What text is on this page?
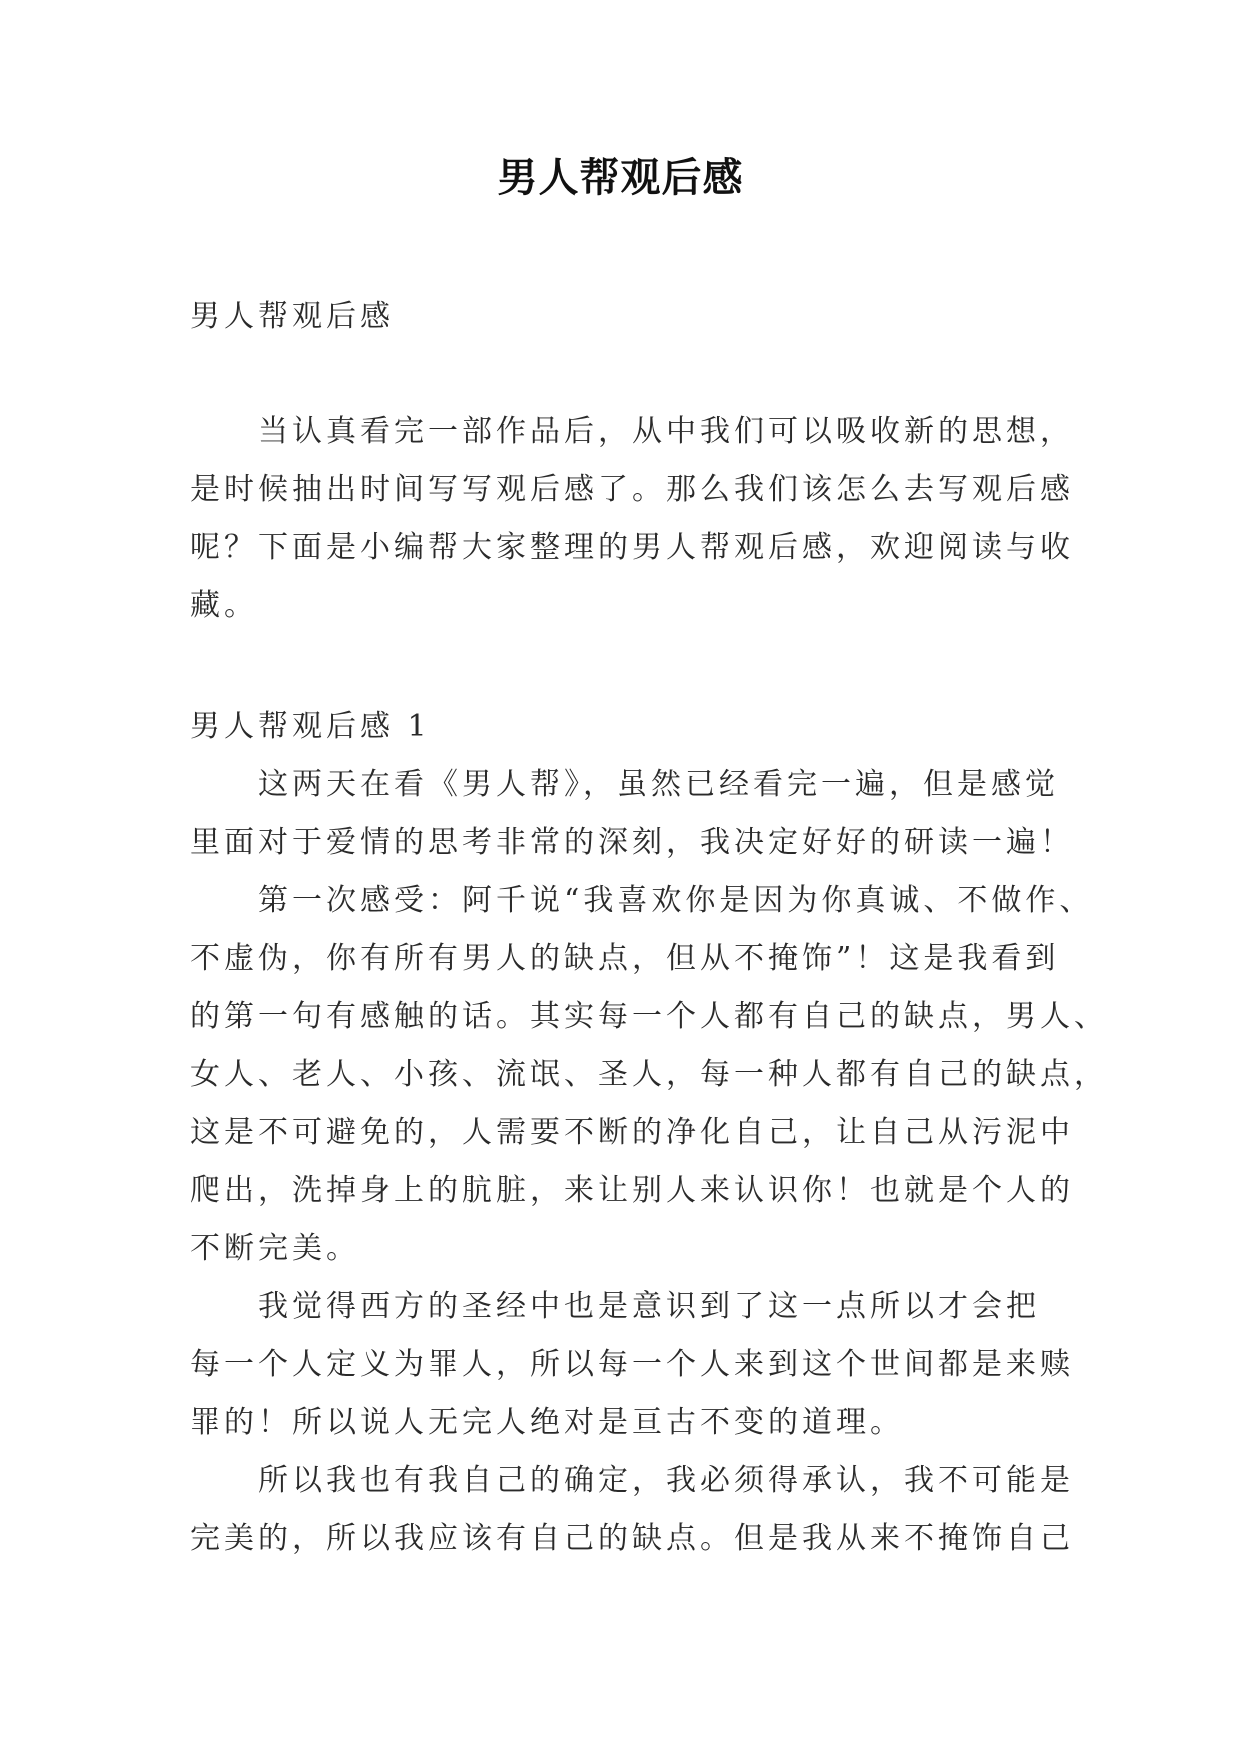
男人帮观后感
男人帮观后感
当认真看完一部作品后，从中我们可以吸收新的思想，
是时候抽出时间写写观后感了。那么我们该怎么去写观后感
呢？下面是小编帮大家整理的男人帮观后感，欢迎阅读与收
藏。
男人帮观后感 1
这两天在看《男人帮》，虽然已经看完一遍，但是感觉
里面对于爱情的思考非常的深刻，我决定好好的研读一遍！
第一次感受：阿千说“我喜欢你是因为你真诚、不做作、
不虚伪，你有所有男人的缺点，但从不掩饰”！这是我看到
的第一句有感触的话。其实每一个人都有自己的缺点，男人、
女人、老人、小孩、流氓、圣人，每一种人都有自己的缺点，
这是不可避免的，人需要不断的净化自己，让自己从污泥中
爬出，洗掉身上的肮脏，来让别人来认识你！也就是个人的
不断完美。
我觉得西方的圣经中也是意识到了这一点所以才会把
每一个人定义为罪人，所以每一个人来到这个世间都是来赎
罪的！所以说人无完人绝对是亘古不变的道理。
所以我也有我自己的确定，我必须得承认，我不可能是
完美的，所以我应该有自己的缺点。但是我从来不掩饰自己
